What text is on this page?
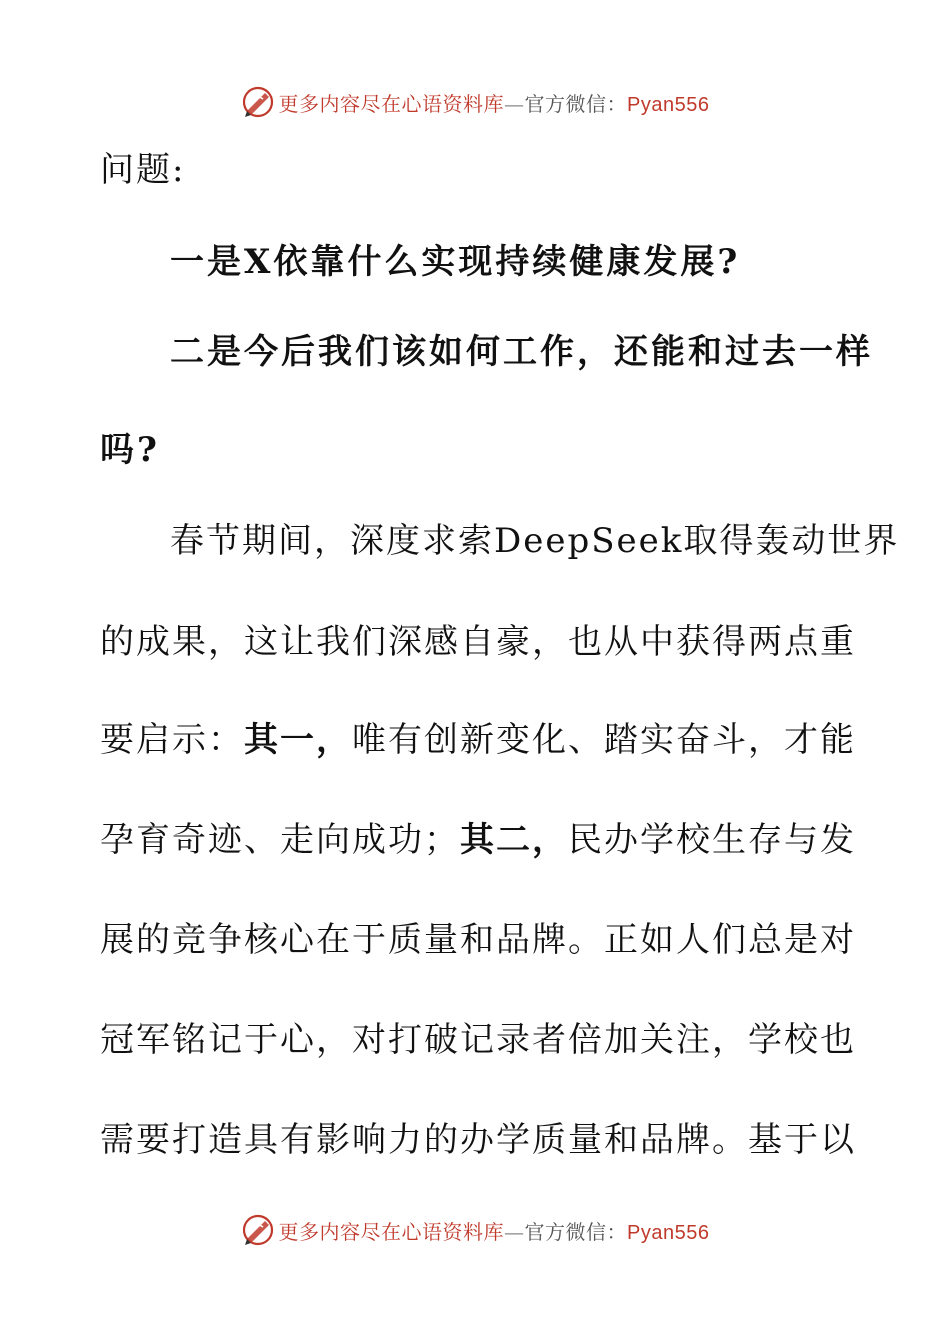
更多内容尽在心语资料库—官方微信：Pyan556
问题:
一是X依靠什么实现持续健康发展?
二是今后我们该如何工作，还能和过去一样
吗?
春节期间，深度求索DeepSeek取得轰动世界
的成果，这让我们深感自豪，也从中获得两点重
要启示：其一，唯有创新变化、踏实奋斗，才能
孕育奇迹、走向成功；其二，民办学校生存与发
展的竞争核心在于质量和品牌。正如人们总是对
冠军铭记于心，对打破记录者倍加关注，学校也
需要打造具有影响力的办学质量和品牌。基于以
更多内容尽在心语资料库—官方微信：Pyan556
